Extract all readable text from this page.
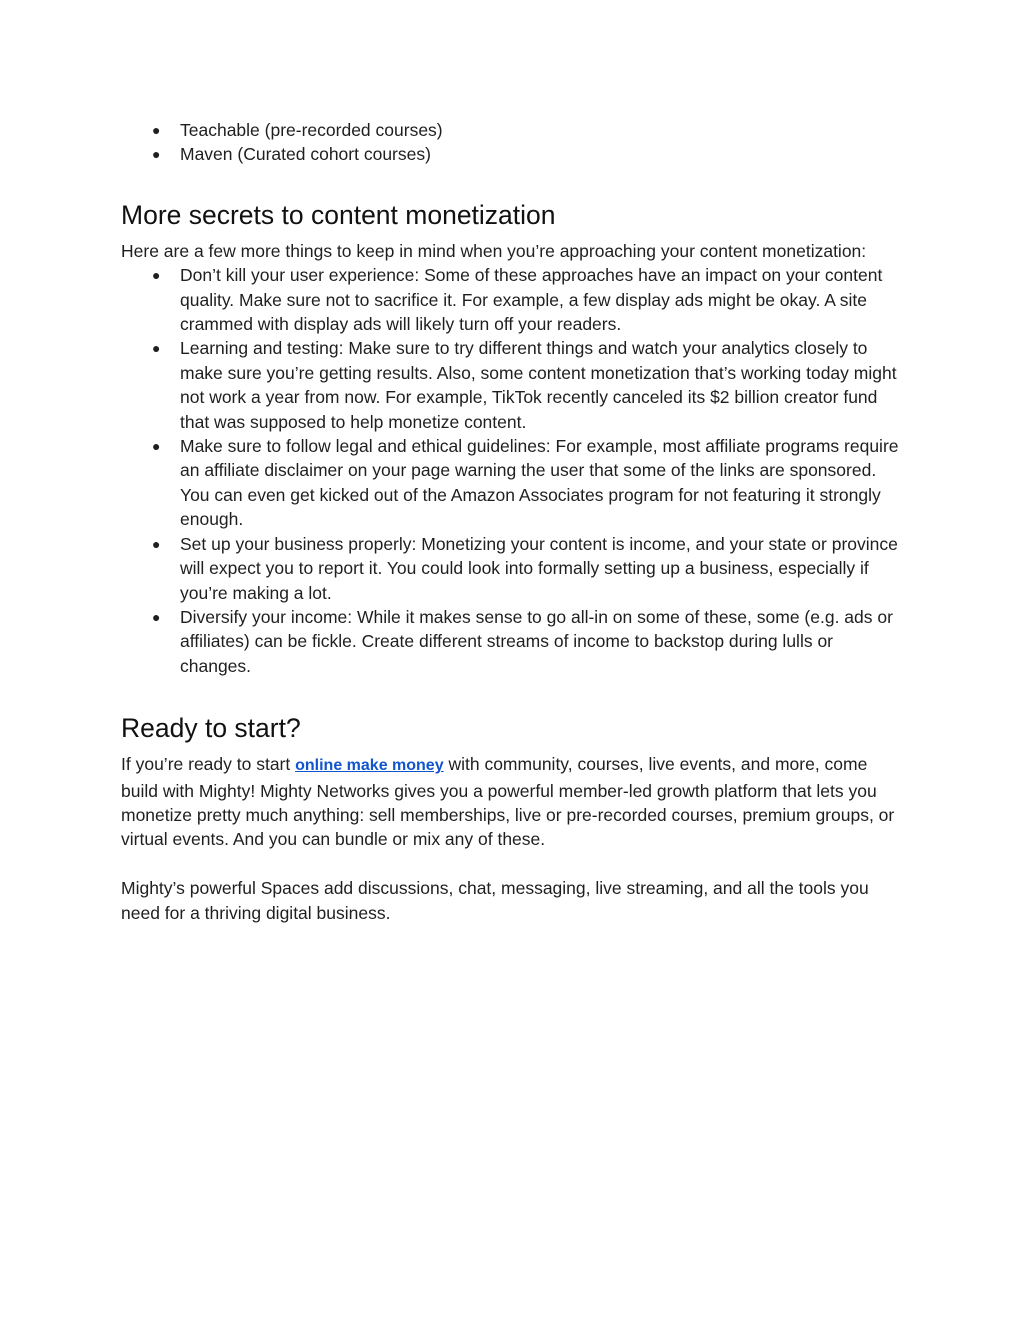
● Teachable (pre-recorded courses)
● Maven (Curated cohort courses)
More secrets to content monetization

Here are a few more things to keep in mind when you’re approaching your content monetization:

● Don’t kill your user experience: Some of these approaches have an impact on your content quality. Make sure not to sacrifice it. For example, a few display ads might be okay. A site crammed with display ads will likely turn off your readers.
● Learning and testing: Make sure to try different things and watch your analytics closely to make sure you’re getting results. Also, some content monetization that’s working today might not work a year from now. For example, TikTok recently canceled its $2 billion creator fund that was supposed to help monetize content.
● Make sure to follow legal and ethical guidelines: For example, most affiliate programs require an affiliate disclaimer on your page warning the user that some of the links are sponsored. You can even get kicked out of the Amazon Associates program for not featuring it strongly enough.
● Set up your business properly: Monetizing your content is income, and your state or province will expect you to report it. You could look into formally setting up a business, especially if you’re making a lot.
● Diversify your income: While it makes sense to go all-in on some of these, some (e.g. ads or affiliates) can be fickle. Create different streams of income to backstop during lulls or changes.
Ready to start?

If you’re ready to start online make money with community, courses, live events, and more, come build with Mighty! Mighty Networks gives you a powerful member-led growth platform that lets you monetize pretty much anything: sell memberships, live or pre-recorded courses, premium groups, or virtual events. And you can bundle or mix any of these.

Mighty’s powerful Spaces add discussions, chat, messaging, live streaming, and all the tools you need for a thriving digital business.
